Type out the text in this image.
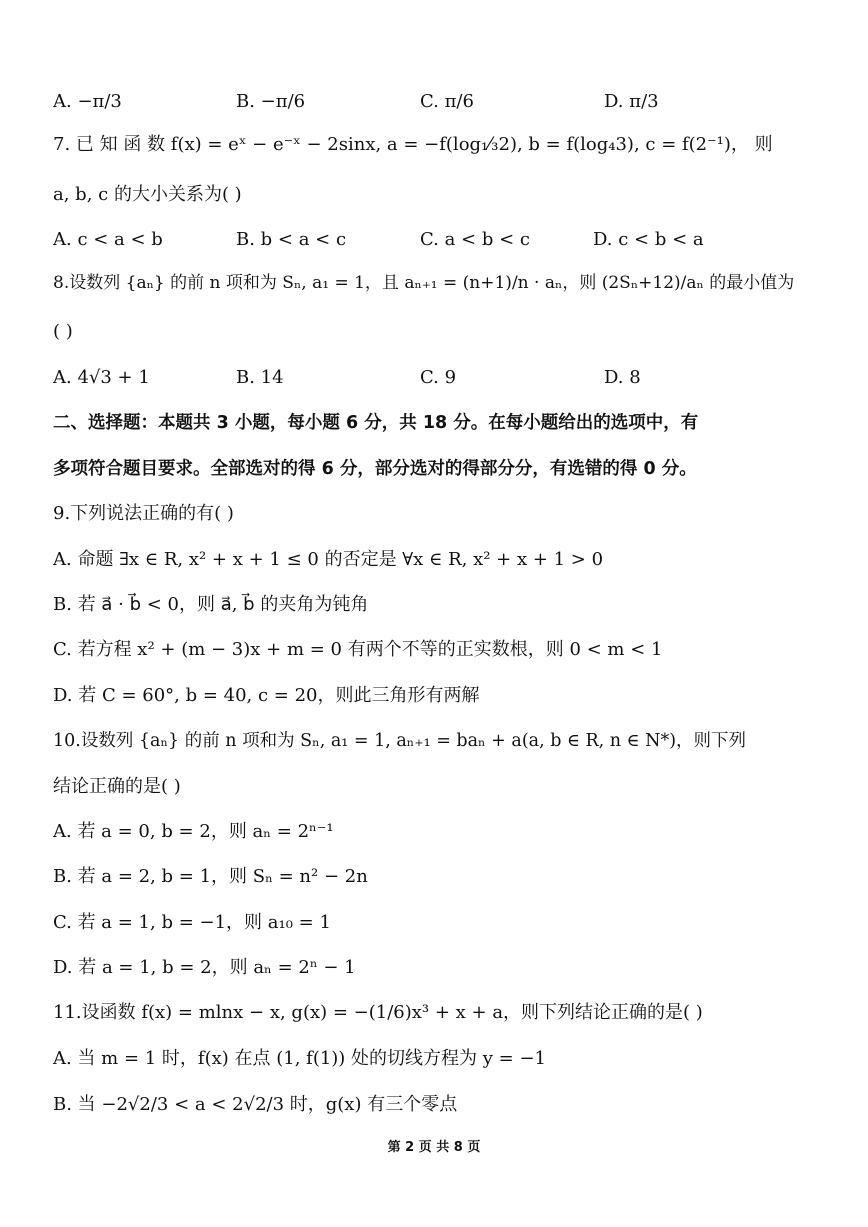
A. −π/3	B. −π/6	C. π/6	D. π/3
7. 已 知 函 数 f(x) = eˣ − e⁻ˣ − 2sinx, a = −f(log₁⁄₃2), b = f(log₄3), c = f(2⁻¹)， 则
a, b, c 的大小关系为( )
A. c < a < b	B. b < a < c	C. a < b < c	D. c < b < a
8.设数列 {aₙ} 的前 n 项和为 Sₙ, a₁ = 1，且 aₙ₊₁ = (n+1)/n · aₙ，则 (2Sₙ+12)/aₙ 的最小值为
( )
A. 4√3 + 1	B. 14	C. 9	D. 8
二、选择题：本题共 3 小题，每小题 6 分，共 18 分。在每小题给出的选项中，有
多项符合题目要求。全部选对的得 6 分，部分选对的得部分分，有选错的得 0 分。
9.下列说法正确的有( )
A. 命题 ∃x ∈ R, x² + x + 1 ≤ 0 的否定是 ∀x ∈ R, x² + x + 1 > 0
B. 若 a⃗ · b⃗ < 0，则 a⃗, b⃗ 的夹角为钝角
C. 若方程 x² + (m − 3)x + m = 0 有两个不等的正实数根，则 0 < m < 1
D. 若 C = 60°, b = 40, c = 20，则此三角形有两解
10.设数列 {aₙ} 的前 n 项和为 Sₙ, a₁ = 1, aₙ₊₁ = baₙ + a(a, b ∈ R, n ∈ N*)，则下列
结论正确的是( )
A. 若 a = 0, b = 2，则 aₙ = 2ⁿ⁻¹
B. 若 a = 2, b = 1，则 Sₙ = n² − 2n
C. 若 a = 1, b = −1，则 a₁₀ = 1
D. 若 a = 1, b = 2，则 aₙ = 2ⁿ − 1
11.设函数 f(x) = mlnx − x, g(x) = −(1/6)x³ + x + a，则下列结论正确的是( )
A. 当 m = 1 时，f(x) 在点 (1, f(1)) 处的切线方程为 y = −1
B. 当 −2√2/3 < a < 2√2/3 时，g(x) 有三个零点
第 2 页 共 8 页
